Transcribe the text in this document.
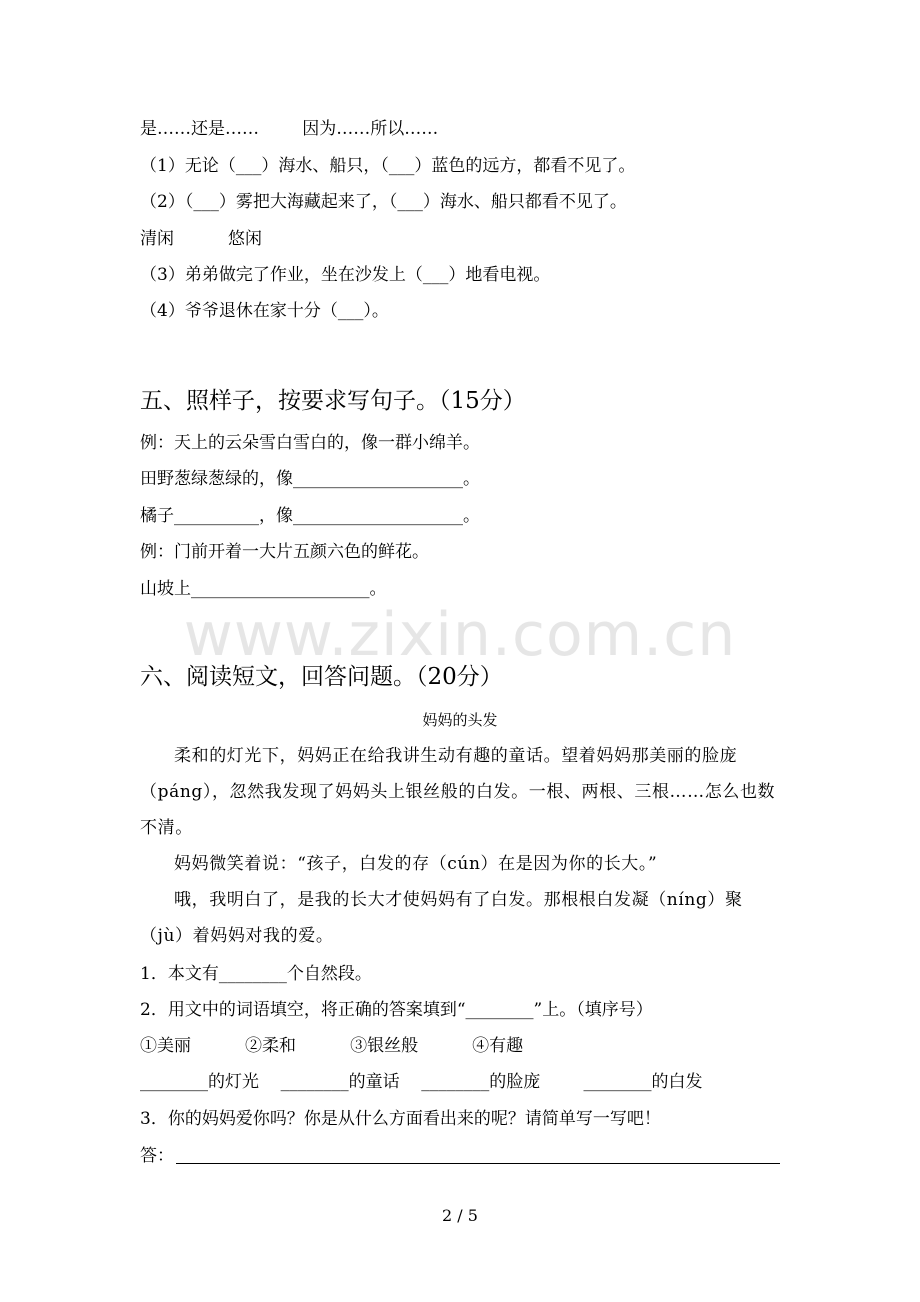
www.zixin.com.cn
是……还是……        因为……所以……
（1）无论（___）海水、船只，（___）蓝色的远方，都看不见了。
（2）（___）雾把大海藏起来了，（___）海水、船只都看不见了。
清闲          悠闲
（3）弟弟做完了作业，坐在沙发上（___）地看电视。
（4）爷爷退休在家十分（___）。
五、照样子，按要求写句子。（15分）
例：天上的云朵雪白雪白的，像一群小绵羊。
田野葱绿葱绿的，像____________________。
橘子__________，像____________________。
例：门前开着一大片五颜六色的鲜花。
山坡上_____________________。
六、阅读短文，回答问题。（20分）
妈妈的头发
柔和的灯光下，妈妈正在给我讲生动有趣的童话。望着妈妈那美丽的脸庞（páng），忽然我发现了妈妈头上银丝般的白发。一根、两根、三根……怎么也数不清。
妈妈微笑着说：“孩子，白发的存（cún）在是因为你的长大。”
哦，我明白了，是我的长大才使妈妈有了白发。那根根白发凝（níng）聚（jù）着妈妈对我的爱。
1．本文有________个自然段。
2．用文中的词语填空，将正确的答案填到“________”上。（填序号）
①美丽          ②柔和          ③银丝般          ④有趣
________的灯光    ________的童话    ________的脸庞        ________的白发
3．你的妈妈爱你吗？你是从什么方面看出来的呢？请简单写一写吧！
答：
2 / 5
